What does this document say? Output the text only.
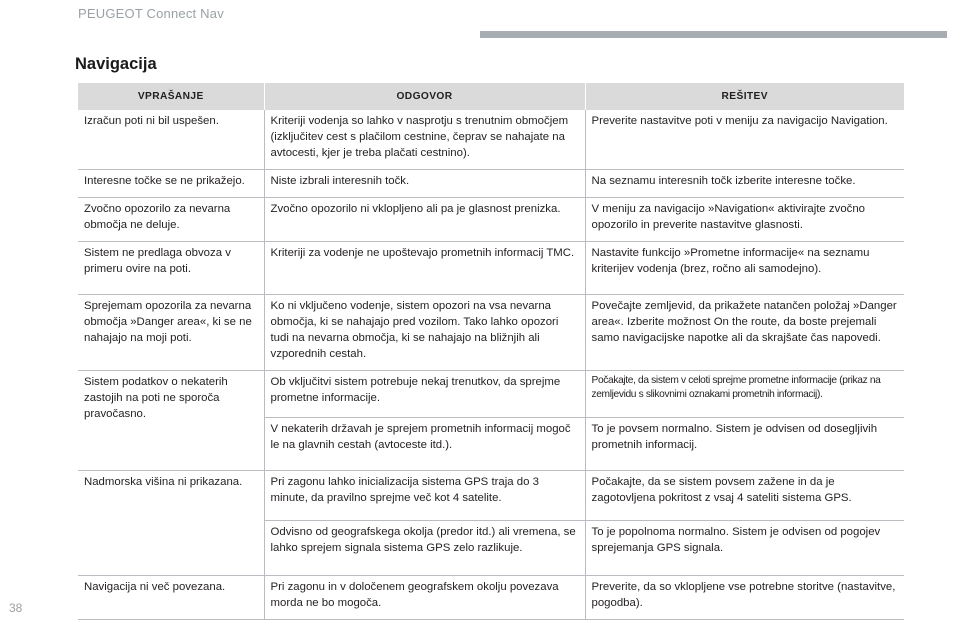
PEUGEOT Connect Nav
Navigacija
VPRAŠANJE	ODGOVOR	REŠITEV
Izračun poti ni bil uspešen.	Kriteriji vodenja so lahko v nasprotju s trenutnim območjem (izključitev cest s plačilom cestnine, čeprav se nahajate na avtocesti, kjer je treba plačati cestnino).	Preverite nastavitve poti v meniju za navigacijo Navigation.
Interesne točke se ne prikažejo.	Niste izbrali interesnih točk.	Na seznamu interesnih točk izberite interesne točke.
Zvočno opozorilo za nevarna območja ne deluje.	Zvočno opozorilo ni vklopljeno ali pa je glasnost prenizka.	V meniju za navigacijo »Navigation« aktivirajte zvočno opozorilo in preverite nastavitve glasnosti.
Sistem ne predlaga obvoza v primeru ovire na poti.	Kriteriji za vodenje ne upoštevajo prometnih informacij TMC.	Nastavite funkcijo »Prometne informacije« na seznamu kriterijev vodenja (brez, ročno ali samodejno).
Sprejemam opozorila za nevarna območja »Danger area«, ki se ne nahajajo na moji poti.	Ko ni vključeno vodenje, sistem opozori na vsa nevarna območja, ki se nahajajo pred vozilom. Tako lahko opozori tudi na nevarna območja, ki se nahajajo na bližnjih ali vzporednih cestah.	Povečajte zemljevid, da prikažete natančen položaj »Danger area«. Izberite možnost On the route, da boste prejemali samo navigacijske napotke ali da skrajšate čas napovedi.
Sistem podatkov o nekaterih zastojih na poti ne sporoča pravočasno.	Ob vključitvi sistem potrebuje nekaj trenutkov, da sprejme prometne informacije.	Počakajte, da sistem v celoti sprejme prometne informacije (prikaz na zemljevidu s slikovnimi oznakami prometnih informacij).
	V nekaterih državah je sprejem prometnih informacij mogoč le na glavnih cestah (avtoceste itd.).	To je povsem normalno. Sistem je odvisen od dosegljivih prometnih informacij.
Nadmorska višina ni prikazana.	Pri zagonu lahko inicializacija sistema GPS traja do 3 minute, da pravilno sprejme več kot 4 satelite.	Počakajte, da se sistem povsem zažene in da je zagotovljena pokritost z vsaj 4 sateliti sistema GPS.
	Odvisno od geografskega okolja (predor itd.) ali vremena, se lahko sprejem signala sistema GPS zelo razlikuje.	To je popolnoma normalno. Sistem je odvisen od pogojev sprejemanja GPS signala.
Navigacija ni več povezana.	Pri zagonu in v določenem geografskem okolju povezava morda ne bo mogoča.	Preverite, da so vklopljene vse potrebne storitve (nastavitve, pogodba).
38
